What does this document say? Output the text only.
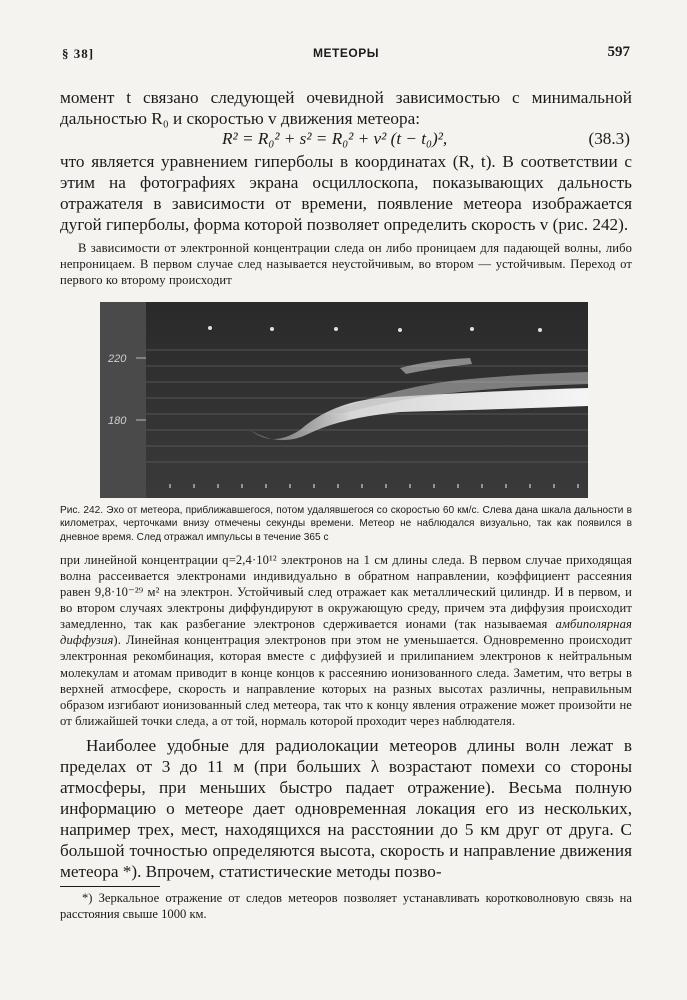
§ 38]	МЕТЕОРЫ	597

момент t связано следующей очевидной зависимостью с минимальной дальностью R₀ и скоростью v движения метеора:

R² = R₀² + s² = R₀² + v² (t − t₀)²,	(38.3)

что является уравнением гиперболы в координатах (R, t). В соответствии с этим на фотографиях экрана осциллоскопа, показывающих дальность отражателя в зависимости от времени, появление метеора изображается дугой гиперболы, форма которой позволяет определить скорость v (рис. 242).

В зависимости от электронной концентрации следа он либо проницаем для падающей волны, либо непроницаем. В первом случае след называется неустойчивым, во втором — устойчивым. Переход от первого ко второму происходит

220
180

Рис. 242. Эхо от метеора, приближавшегося, потом удалявшегося со скоростью 60 км/с. Слева дана шкала дальности в километрах, черточками внизу отмечены секунды времени. Метеор не наблюдался визуально, так как появился в дневное время. След отражал импульсы в течение 365 с

при линейной концентрации q=2,4·10¹² электронов на 1 см длины следа. В первом случае приходящая волна рассеивается электронами индивидуально в обратном направлении, коэффициент рассеяния равен 9,8·10⁻²⁹ м² на электрон. Устойчивый след отражает как металлический цилиндр. И в первом, и во втором случаях электроны диффундируют в окружающую среду, причем эта диффузия происходит замедленно, так как разбегание электронов сдерживается ионами (так называемая амбиполярная диффузия). Линейная концентрация электронов при этом не уменьшается. Одновременно происходит электронная рекомбинация, которая вместе с диффузией и прилипанием электронов к нейтральным молекулам и атомам приводит в конце концов к рассеянию ионизованного следа. Заметим, что ветры в верхней атмосфере, скорость и направление которых на разных высотах различны, неправильным образом изгибают ионизованный след метеора, так что к концу явления отражение может произойти не от ближайшей точки следа, а от той, нормаль которой проходит через наблюдателя.

Наиболее удобные для радиолокации метеоров длины волн лежат в пределах от 3 до 11 м (при больших λ возрастают помехи со стороны атмосферы, при меньших быстро падает отражение). Весьма полную информацию о метеоре дает одновременная локация его из нескольких, например трех, мест, находящихся на расстоянии до 5 км друг от друга. С большой точностью определяются высота, скорость и направление движения метеора *). Впрочем, статистические методы позво-

*) Зеркальное отражение от следов метеоров позволяет устанавливать коротковолновую связь на расстояния свыше 1000 км.
